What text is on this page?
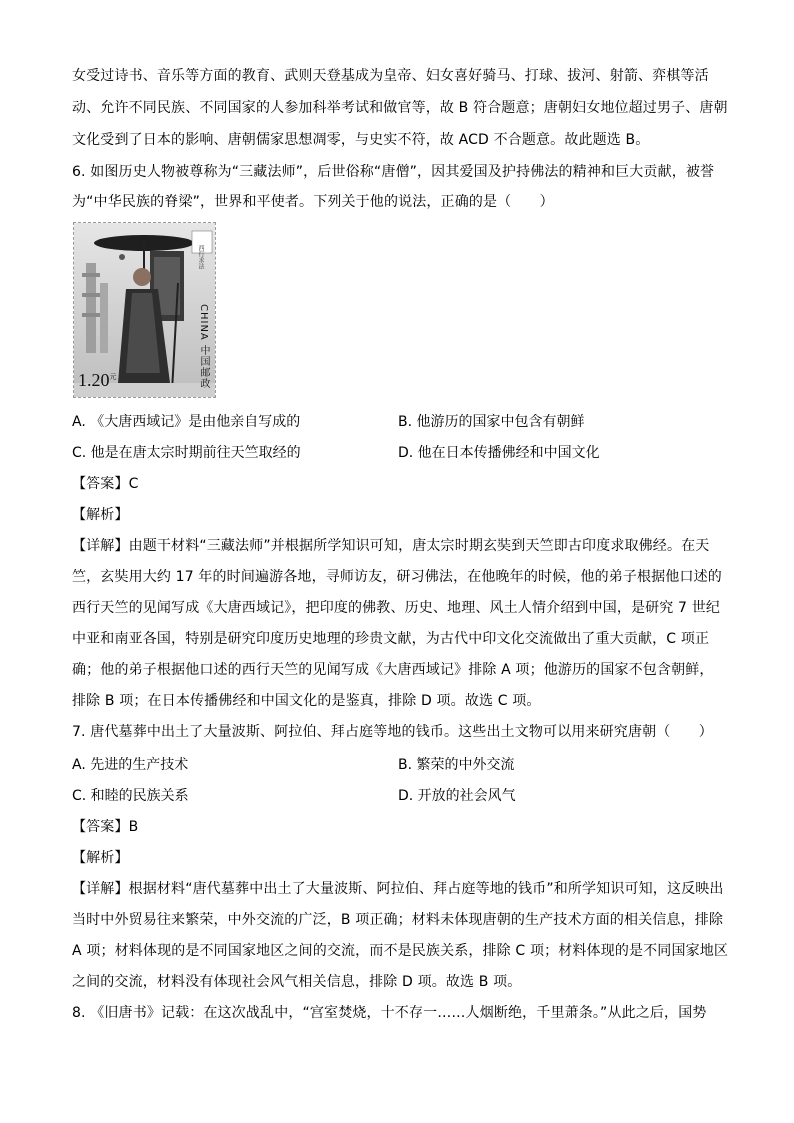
女受过诗书、音乐等方面的教育、武则天登基成为皇帝、妇女喜好骑马、打球、拔河、射箭、弈棋等活
动、允许不同民族、不同国家的人参加科举考试和做官等，故 B 符合题意；唐朝妇女地位超过男子、唐朝
文化受到了日本的影响、唐朝儒家思想凋零，与史实不符，故 ACD 不合题意。故此题选 B。
6. 如图历史人物被尊称为“三藏法师”，后世俗称“唐僧”，因其爱国及护持佛法的精神和巨大贡献，被誉
为“中华民族的脊梁”，世界和平使者。下列关于他的说法，正确的是（　　）
西行求法
$1.20^元$	CHINA 中国邮政
A. 《大唐西域记》是由他亲自写成的	B. 他游历的国家中包含有朝鲜
C. 他是在唐太宗时期前往天竺取经的	D. 他在日本传播佛经和中国文化
【答案】C
【解析】
【详解】由题干材料“三藏法师”并根据所学知识可知，唐太宗时期玄奘到天竺即古印度求取佛经。在天
竺，玄奘用大约 17 年的时间遍游各地，寻师访友，研习佛法，在他晚年的时候，他的弟子根据他口述的
西行天竺的见闻写成《大唐西域记》，把印度的佛教、历史、地理、风土人情介绍到中国，是研究 7 世纪
中亚和南亚各国，特别是研究印度历史地理的珍贵文献，为古代中印文化交流做出了重大贡献，C 项正
确；他的弟子根据他口述的西行天竺的见闻写成《大唐西域记》排除 A 项；他游历的国家不包含朝鲜，
排除 B 项；在日本传播佛经和中国文化的是鉴真，排除 D 项。故选 C 项。
7. 唐代墓葬中出土了大量波斯、阿拉伯、拜占庭等地的钱币。这些出土文物可以用来研究唐朝（　　）
A. 先进的生产技术	B. 繁荣的中外交流
C. 和睦的民族关系	D. 开放的社会风气
【答案】B
【解析】
【详解】根据材料“唐代墓葬中出土了大量波斯、阿拉伯、拜占庭等地的钱币”和所学知识可知，这反映出
当时中外贸易往来繁荣，中外交流的广泛，B 项正确；材料未体现唐朝的生产技术方面的相关信息，排除
A 项；材料体现的是不同国家地区之间的交流，而不是民族关系，排除 C 项；材料体现的是不同国家地区
之间的交流，材料没有体现社会风气相关信息，排除 D 项。故选 B 项。
8. 《旧唐书》记载：在这次战乱中，“宫室焚烧，十不存一……人烟断绝，千里萧条。”从此之后，国势
